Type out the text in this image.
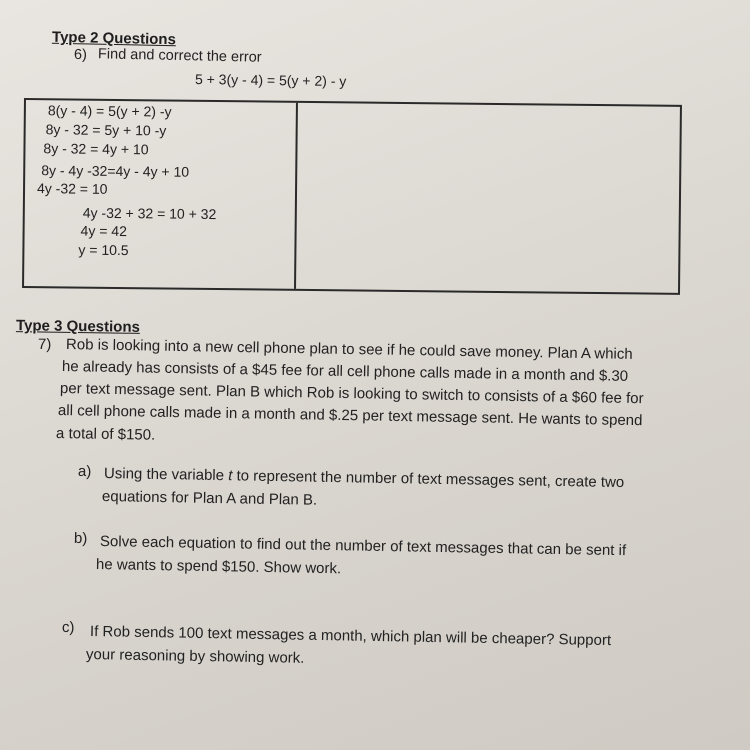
Type 2 Questions
6) Find and correct the error
5 + 3(y - 4) = 5(y + 2) - y
8(y - 4) = 5(y + 2) -y
8y - 32 = 5y + 10 -y
8y - 32 = 4y + 10
8y - 4y -32=4y - 4y + 10
4y -32 = 10
4y -32 + 32 = 10 + 32
4y = 42
y = 10.5
Type 3 Questions
7) Rob is looking into a new cell phone plan to see if he could save money. Plan A which
he already has consists of a $45 fee for all cell phone calls made in a month and $.30
per text message sent. Plan B which Rob is looking to switch to consists of a $60 fee for
all cell phone calls made in a month and $.25 per text message sent. He wants to spend
a total of $150.
a) Using the variable t to represent the number of text messages sent, create two
equations for Plan A and Plan B.
b) Solve each equation to find out the number of text messages that can be sent if
he wants to spend $150. Show work.
c) If Rob sends 100 text messages a month, which plan will be cheaper? Support
your reasoning by showing work.
